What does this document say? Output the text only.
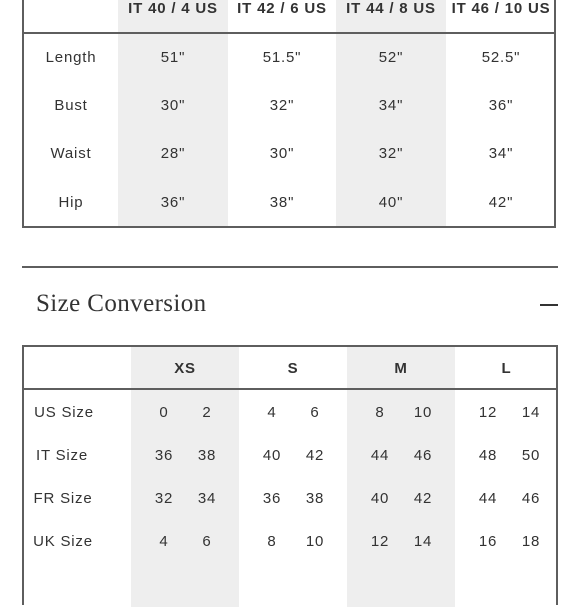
IT 40 / 4 US	IT 42 / 6 US	IT 44 / 8 US	IT 46 / 10 US
Length	51"	51.5"	52"	52.5"
Bust	30"	32"	34"	36"
Waist	28"	30"	32"	34"
Hip	36"	38"	40"	42"
Size Conversion
XS	S	M	L
US Size	0	2	4	6	8	10	12	14
IT Size	36	38	40	42	44	46	48	50
FR Size	32	34	36	38	40	42	44	46
UK Size	4	6	8	10	12	14	16	18
